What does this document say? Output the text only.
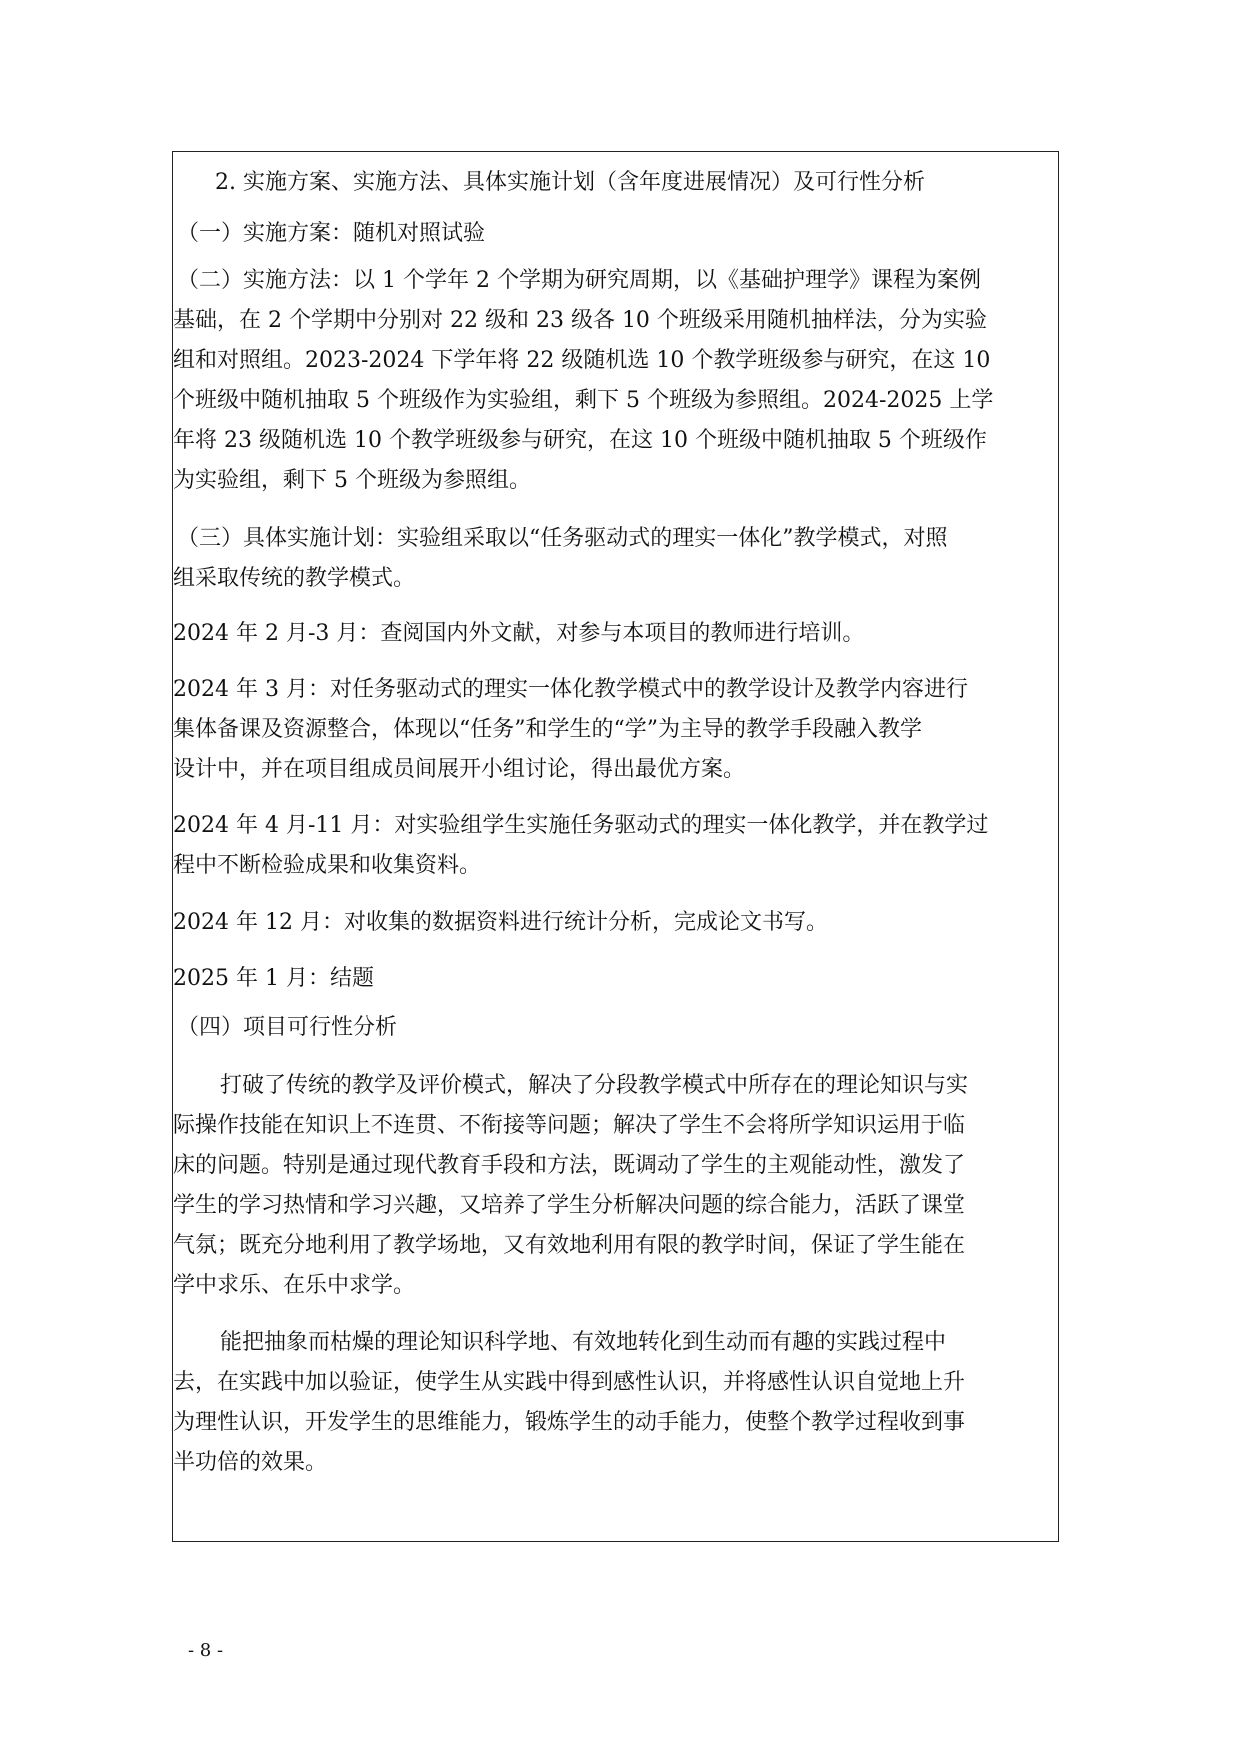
2. 实施方案、实施方法、具体实施计划（含年度进展情况）及可行性分析
（一）实施方案：随机对照试验
（二）实施方法：以 1 个学年 2 个学期为研究周期，以《基础护理学》课程为案例
基础，在 2 个学期中分别对 22 级和 23 级各 10 个班级采用随机抽样法，分为实验
组和对照组。2023-2024 下学年将 22 级随机选 10 个教学班级参与研究，在这 10
个班级中随机抽取 5 个班级作为实验组，剩下 5 个班级为参照组。2024-2025 上学
年将 23 级随机选 10 个教学班级参与研究，在这 10 个班级中随机抽取 5 个班级作
为实验组，剩下 5 个班级为参照组。
（三）具体实施计划：实验组采取以“任务驱动式的理实一体化”教学模式，对照
组采取传统的教学模式。
2024 年 2 月-3 月：查阅国内外文献，对参与本项目的教师进行培训。
2024 年 3 月：对任务驱动式的理实一体化教学模式中的教学设计及教学内容进行
集体备课及资源整合，体现以“任务”和学生的“学”为主导的教学手段融入教学
设计中，并在项目组成员间展开小组讨论，得出最优方案。
2024 年 4 月-11 月：对实验组学生实施任务驱动式的理实一体化教学，并在教学过
程中不断检验成果和收集资料。
2024 年 12 月：对收集的数据资料进行统计分析，完成论文书写。
2025 年 1 月：结题
（四）项目可行性分析
打破了传统的教学及评价模式，解决了分段教学模式中所存在的理论知识与实
际操作技能在知识上不连贯、不衔接等问题；解决了学生不会将所学知识运用于临
床的问题。特别是通过现代教育手段和方法，既调动了学生的主观能动性，激发了
学生的学习热情和学习兴趣，又培养了学生分析解决问题的综合能力，活跃了课堂
气氛；既充分地利用了教学场地，又有效地利用有限的教学时间，保证了学生能在
学中求乐、在乐中求学。
能把抽象而枯燥的理论知识科学地、有效地转化到生动而有趣的实践过程中
去，在实践中加以验证，使学生从实践中得到感性认识，并将感性认识自觉地上升
为理性认识，开发学生的思维能力，锻炼学生的动手能力，使整个教学过程收到事
半功倍的效果。
- 8 -
